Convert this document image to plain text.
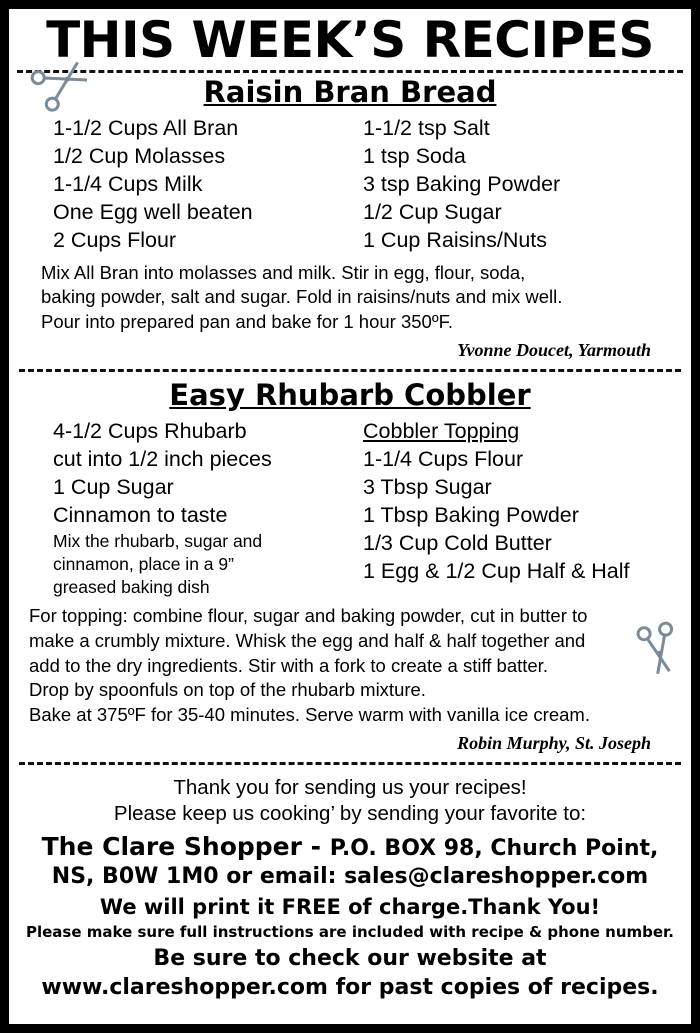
THIS WEEK’S RECIPES
Raisin Bran Bread
1-1/2 Cups All Bran
1/2 Cup Molasses
1-1/4 Cups Milk
One Egg well beaten
2 Cups Flour
1-1/2 tsp Salt
1 tsp Soda
3 tsp Baking Powder
1/2 Cup Sugar
1 Cup Raisins/Nuts

Mix All Bran into molasses and milk. Stir in egg, flour, soda,

baking powder, salt and sugar. Fold in raisins/nuts and mix well.

Pour into prepared pan and bake for 1 hour 350ºF.

Yvonne Doucet, Yarmouth
Easy Rhubarb Cobbler
4-1/2 Cups Rhubarb
cut into 1/2 inch pieces
1 Cup Sugar
Cinnamon to taste
Mix the rhubarb, sugar and
cinnamon, place in a 9”
greased baking dish
Cobbler Topping
1-1/4 Cups Flour
3 Tbsp Sugar
1 Tbsp Baking Powder
1/3 Cup Cold Butter
1 Egg & 1/2 Cup Half & Half

For topping: combine flour, sugar and baking powder, cut in butter to

make a crumbly mixture. Whisk the egg and half & half together and

add to the dry ingredients. Stir with a fork to create a stiff batter.

Drop by spoonfuls on top of the rhubarb mixture.

Bake at 375ºF for 35-40 minutes. Serve warm with vanilla ice cream.

Robin Murphy, St. Joseph
Thank you for sending us your recipes!
Please keep us cooking’ by sending your favorite to:
The Clare Shopper - P.O. BOX 98, Church Point,
NS, B0W 1M0 or email: sales@clareshopper.com
We will print it FREE of charge.Thank You!
Please make sure full instructions are included with recipe & phone number.
Be sure to check our website at
www.clareshopper.com for past copies of recipes.
